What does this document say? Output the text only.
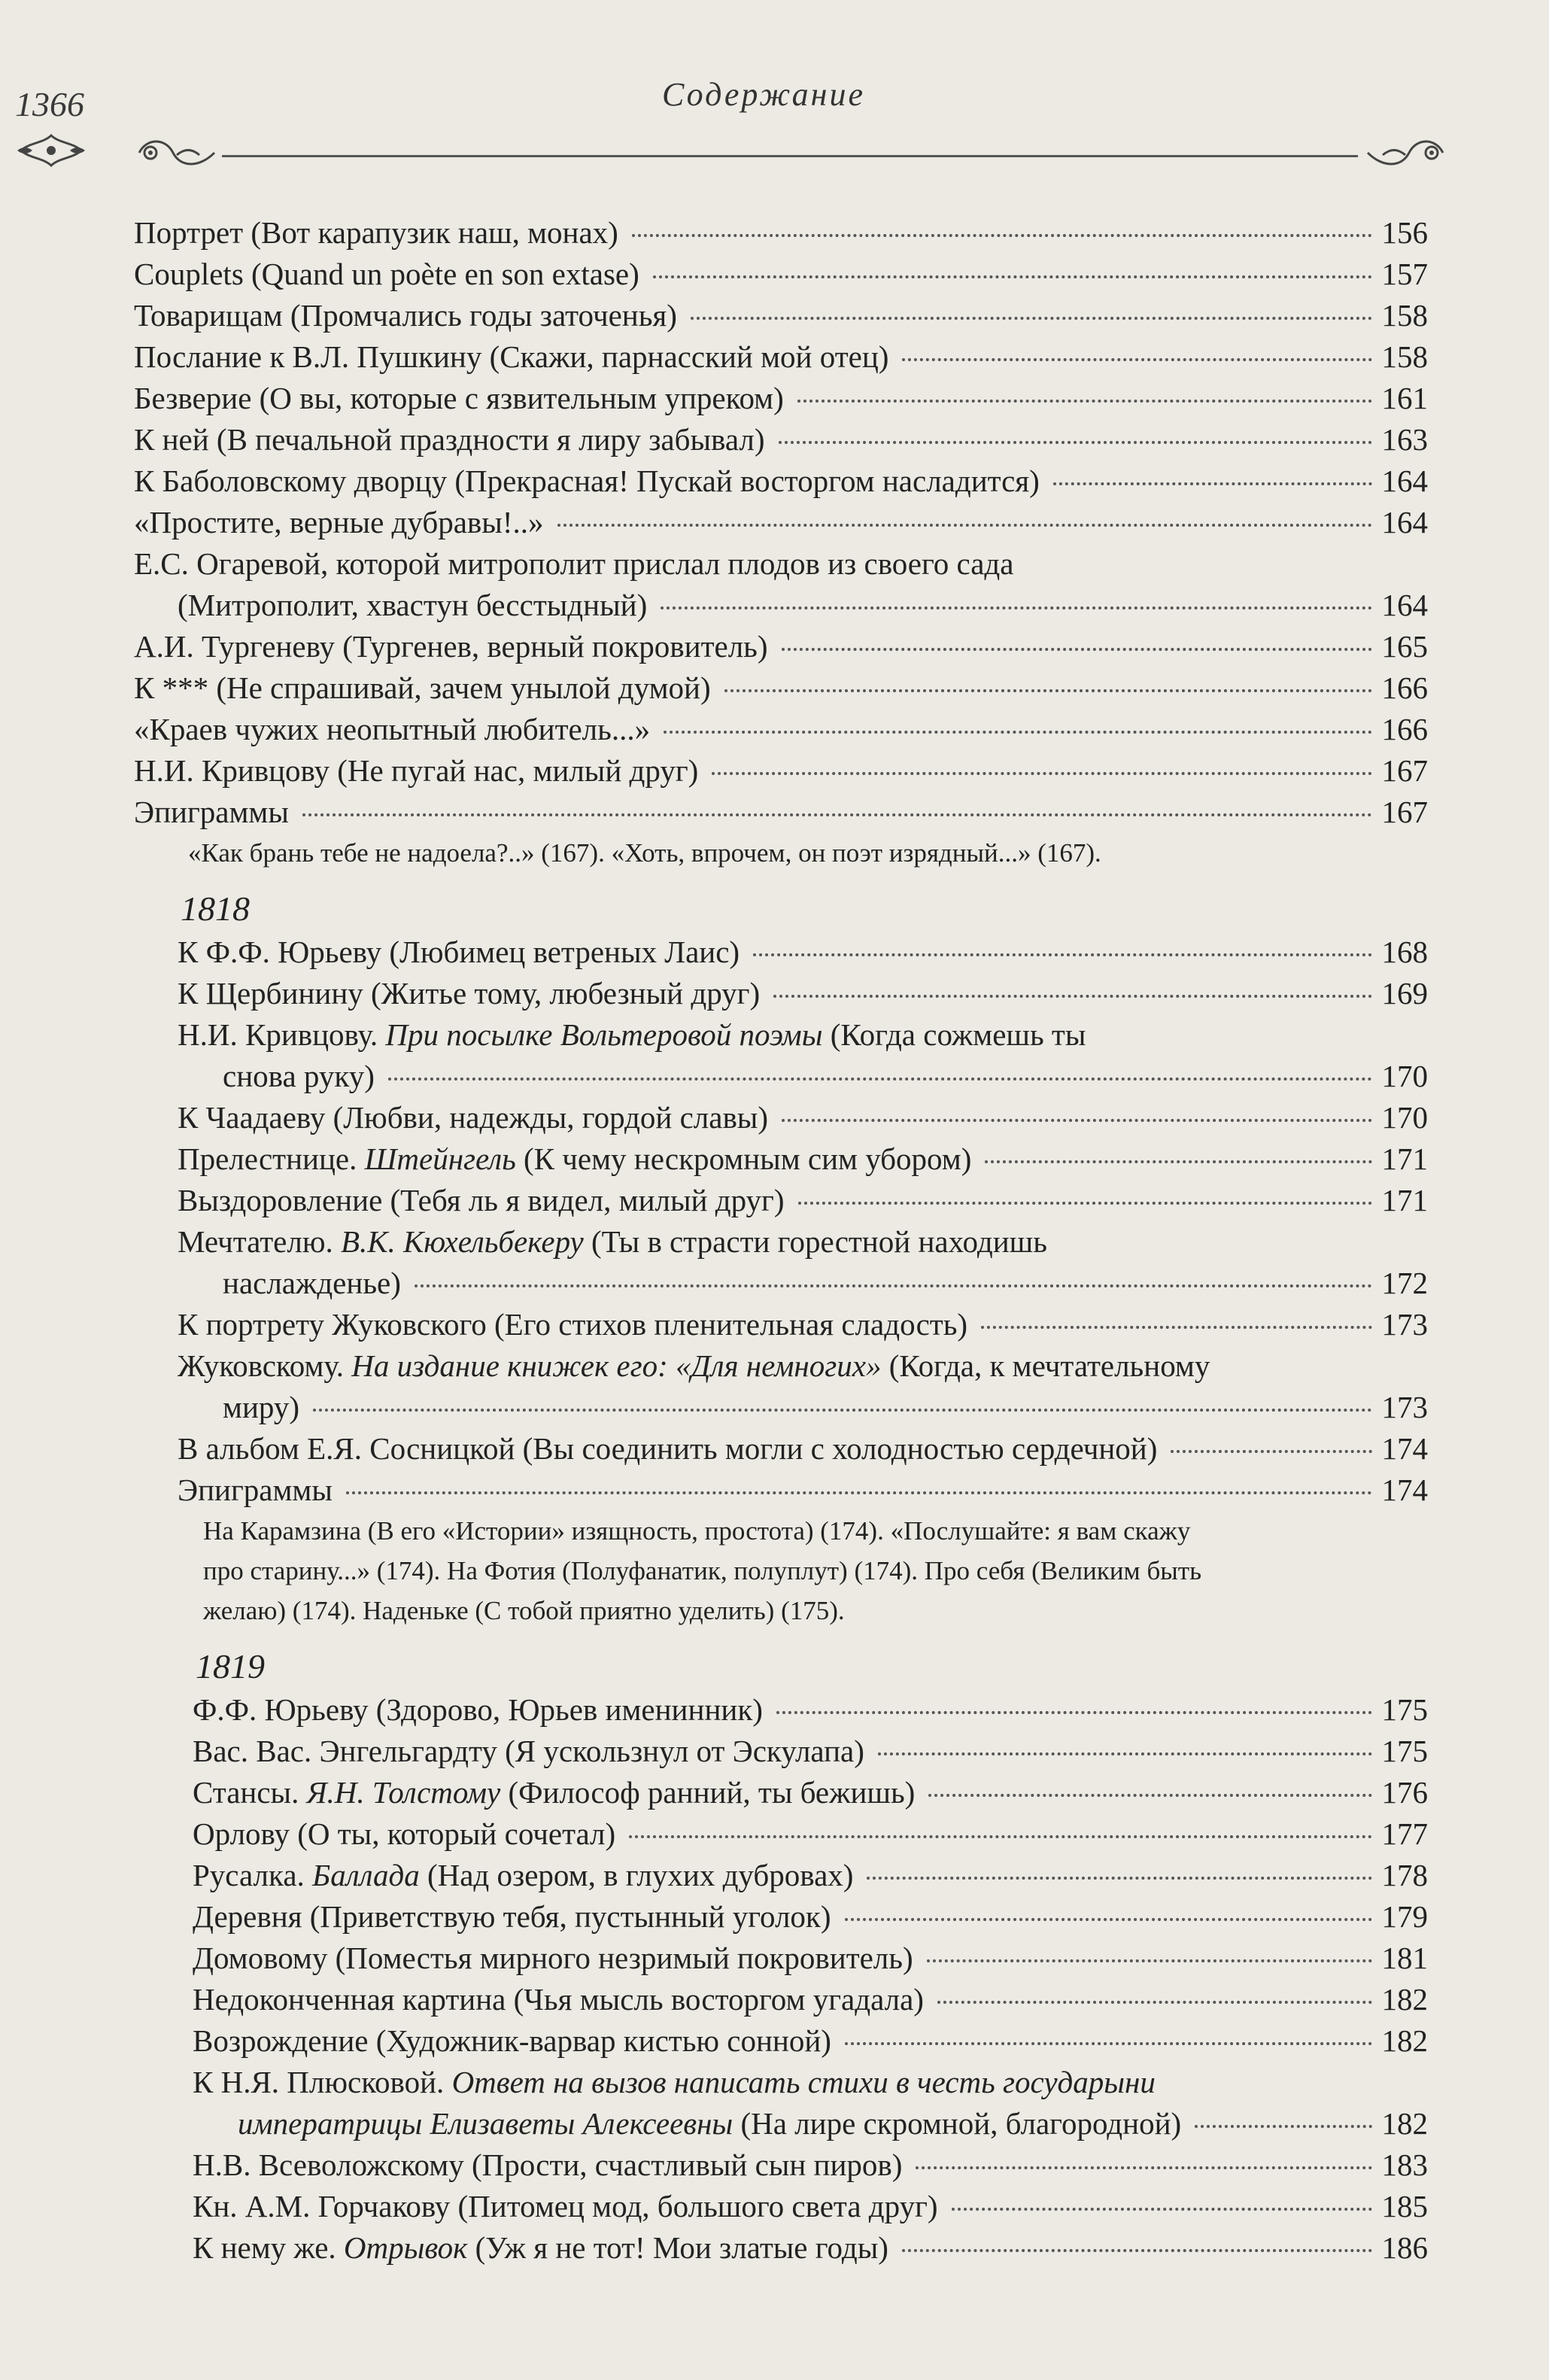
1366	Содержание
Портрет (Вот карапузик наш, монах)	156
Couplets (Quand un poète en son extase)	157
Товарищам (Промчались годы заточенья)	158
Послание к В.Л. Пушкину (Скажи, парнасский мой отец)	158
Безверие (О вы, которые с язвительным упреком)	161
К ней (В печальной праздности я лиру забывал)	163
К Баболовскому дворцу (Прекрасная! Пускай восторгом насладится)	164
«Простите, верные дубравы!..»	164
Е.С. Огаревой, которой митрополит прислал плодов из своего сада
(Митрополит, хвастун бесстыдный)	164
А.И. Тургеневу (Тургенев, верный покровитель)	165
К *** (Не спрашивай, зачем унылой думой)	166
«Краев чужих неопытный любитель...»	166
Н.И. Кривцову (Не пугай нас, милый друг)	167
Эпиграммы	167
«Как брань тебе не надоела?..» (167). «Хоть, впрочем, он поэт изрядный...» (167).
1818
К Ф.Ф. Юрьеву (Любимец ветреных Лаис)	168
К Щербинину (Житье тому, любезный друг)	169
Н.И. Кривцову. При посылке Вольтеровой поэмы (Когда сожмешь ты
снова руку)	170
К Чаадаеву (Любви, надежды, гордой славы)	170
Прелестнице. Штейнгель (К чему нескромным сим убором)	171
Выздоровление (Тебя ль я видел, милый друг)	171
Мечтателю. В.К. Кюхельбекеру (Ты в страсти горестной находишь
наслажденье)	172
К портрету Жуковского (Его стихов пленительная сладость)	173
Жуковскому. На издание книжек его: «Для немногих» (Когда, к мечтательному
миру)	173
В альбом Е.Я. Сосницкой (Вы соединить могли с холодностью сердечной)	174
Эпиграммы	174
На Карамзина (В его «Истории» изящность, простота) (174). «Послушайте: я вам скажу
про старину...» (174). На Фотия (Полуфанатик, полуплут) (174). Про себя (Великим быть
желаю) (174). Наденьке (С тобой приятно уделить) (175).
1819
Ф.Ф. Юрьеву (Здорово, Юрьев именинник)	175
Вас. Вас. Энгельгардту (Я ускользнул от Эскулапа)	175
Стансы. Я.Н. Толстому (Философ ранний, ты бежишь)	176
Орлову (О ты, который сочетал)	177
Русалка. Баллада (Над озером, в глухих дубровах)	178
Деревня (Приветствую тебя, пустынный уголок)	179
Домовому (Поместья мирного незримый покровитель)	181
Недоконченная картина (Чья мысль восторгом угадала)	182
Возрождение (Художник-варвар кистью сонной)	182
К Н.Я. Плюсковой. Ответ на вызов написать стихи в честь государыни
императрицы Елизаветы Алексеевны (На лире скромной, благородной)	182
Н.В. Всеволожскому (Прости, счастливый сын пиров)	183
Кн. А.М. Горчакову (Питомец мод, большого света друг)	185
К нему же. Отрывок (Уж я не тот! Мои златые годы)	186
